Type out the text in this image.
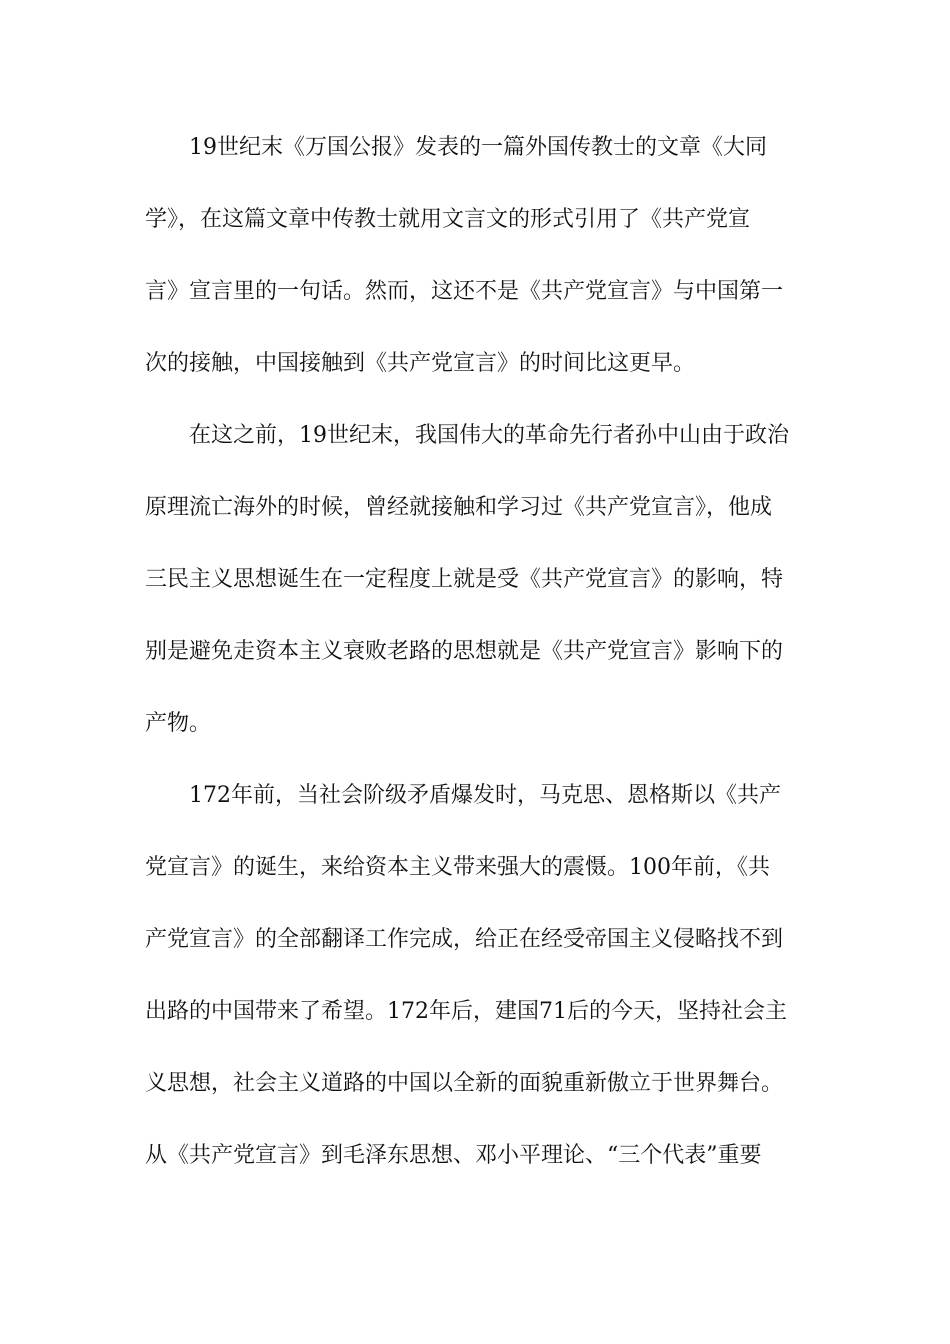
19世纪末《万国公报》发表的一篇外国传教士的文章《大同
学》，在这篇文章中传教士就用文言文的形式引用了《共产党宣
言》宣言里的一句话。然而，这还不是《共产党宣言》与中国第一
次的接触，中国接触到《共产党宣言》的时间比这更早。
在这之前，19世纪末，我国伟大的革命先行者孙中山由于政治
原理流亡海外的时候，曾经就接触和学习过《共产党宣言》，他成
三民主义思想诞生在一定程度上就是受《共产党宣言》的影响，特
别是避免走资本主义衰败老路的思想就是《共产党宣言》影响下的
产物。
172年前，当社会阶级矛盾爆发时，马克思、恩格斯以《共产
党宣言》的诞生，来给资本主义带来强大的震慑。100年前，《共
产党宣言》的全部翻译工作完成，给正在经受帝国主义侵略找不到
出路的中国带来了希望。172年后，建国71后的今天，坚持社会主
义思想，社会主义道路的中国以全新的面貌重新傲立于世界舞台。
从《共产党宣言》到毛泽东思想、邓小平理论、“三个代表”重要
